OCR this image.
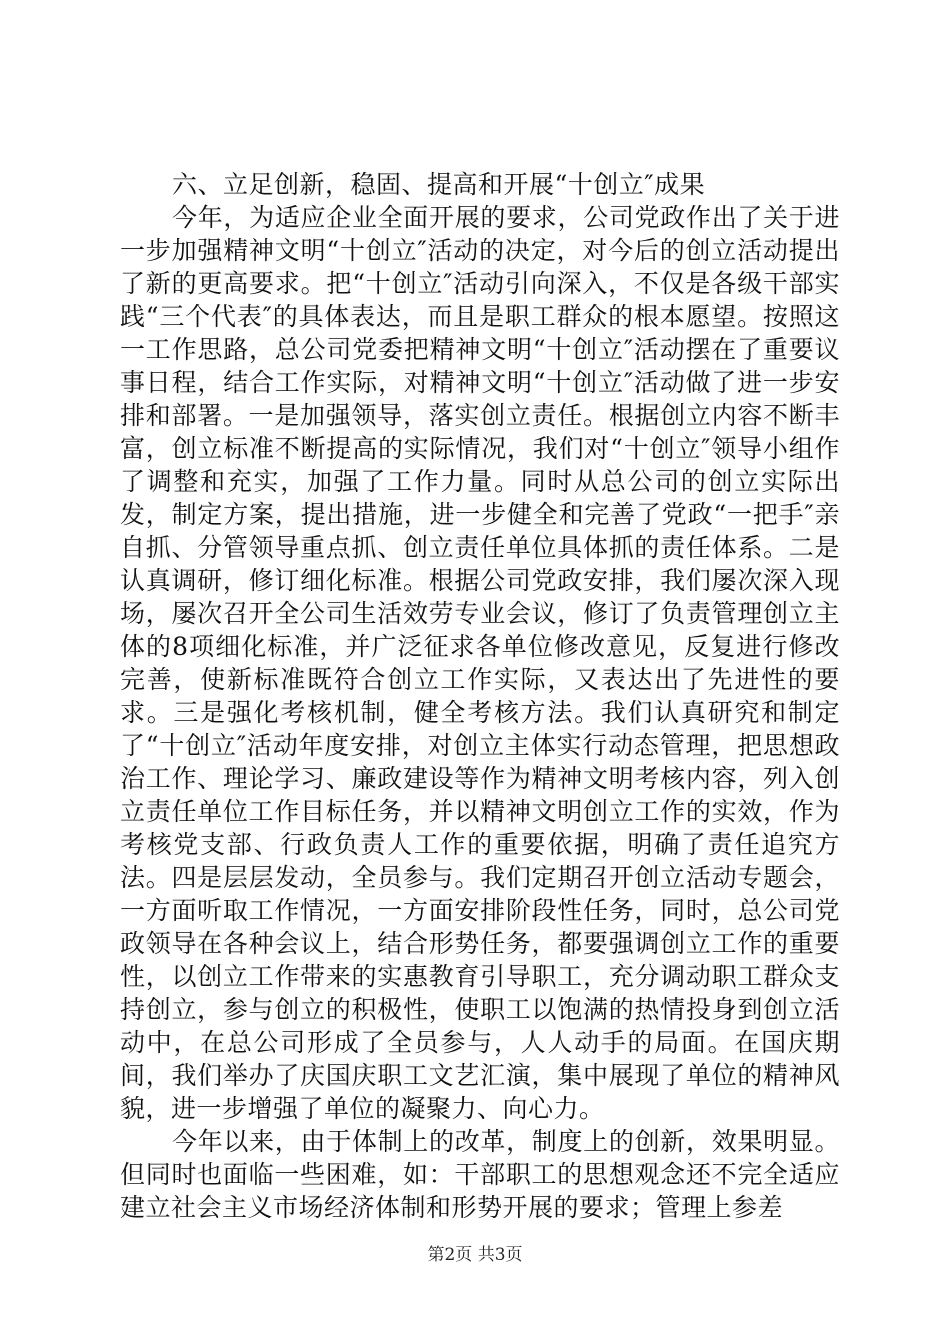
六、立足创新，稳固、提高和开展“十创立″成果

今年，为适应企业全面开展的要求，公司党政作出了关于进一步加强精神文明“十创立″活动的决定，对今后的创立活动提出了新的更高要求。把“十创立″活动引向深入，不仅是各级干部实践“三个代表″的具体表达，而且是职工群众的根本愿望。按照这一工作思路，总公司党委把精神文明“十创立″活动摆在了重要议事日程，结合工作实际，对精神文明“十创立″活动做了进一步安排和部署。一是加强领导，落实创立责任。根据创立内容不断丰富，创立标准不断提高的实际情况，我们对“十创立″领导小组作了调整和充实，加强了工作力量。同时从总公司的创立实际出发，制定方案，提出措施，进一步健全和完善了党政“一把手″亲自抓、分管领导重点抓、创立责任单位具体抓的责任体系。二是认真调研，修订细化标准。根据公司党政安排，我们屡次深入现场，屡次召开全公司生活效劳专业会议，修订了负责管理创立主体的8项细化标准，并广泛征求各单位修改意见，反复进行修改完善，使新标准既符合创立工作实际，又表达出了先进性的要求。三是强化考核机制，健全考核方法。我们认真研究和制定了“十创立″活动年度安排，对创立主体实行动态管理，把思想政治工作、理论学习、廉政建设等作为精神文明考核内容，列入创立责任单位工作目标任务，并以精神文明创立工作的实效，作为考核党支部、行政负责人工作的重要依据，明确了责任追究方法。四是层层发动，全员参与。我们定期召开创立活动专题会，一方面听取工作情况，一方面安排阶段性任务，同时，总公司党政领导在各种会议上，结合形势任务，都要强调创立工作的重要性，以创立工作带来的实惠教育引导职工，充分调动职工群众支持创立，参与创立的积极性，使职工以饱满的热情投身到创立活动中，在总公司形成了全员参与，人人动手的局面。在国庆期间，我们举办了庆国庆职工文艺汇演，集中展现了单位的精神风貌，进一步增强了单位的凝聚力、向心力。

今年以来，由于体制上的改革，制度上的创新，效果明显。但同时也面临一些困难，如：干部职工的思想观念还不完全适应建立社会主义市场经济体制和形势开展的要求；管理上参差

第2页 共3页
